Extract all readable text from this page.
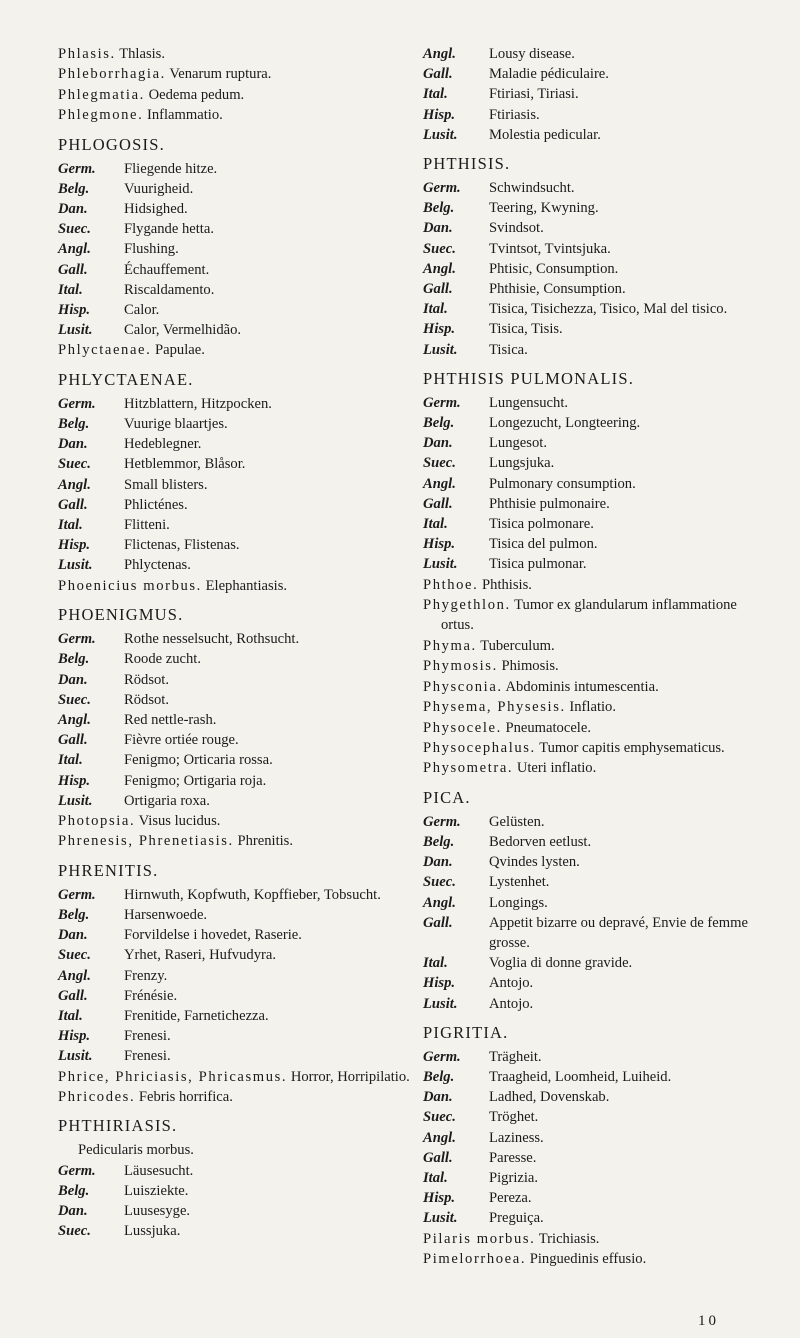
Phlasis. Thlasis.
Phleborrhagia. Venarum ruptura.
Phlegmatia. Oedema pedum.
Phlegmone. Inflammatio.
PHLOGOSIS.
Germ.	Fliegende hitze.
Belg.	Vuurigheid.
Dan.	Hidsighed.
Suec.	Flygande hetta.
Angl.	Flushing.
Gall.	Échauffement.
Ital.	Riscaldamento.
Hisp.	Calor.
Lusit.	Calor, Vermelhidão.
Phlyctaenae. Papulae.
PHLYCTAENAE.
Germ.	Hitzblattern, Hitzpocken.
Belg.	Vuurige blaartjes.
Dan.	Hedeblegner.
Suec.	Hetblemmor, Blåsor.
Angl.	Small blisters.
Gall.	Phlicténes.
Ital.	Flitteni.
Hisp.	Flictenas, Flistenas.
Lusit.	Phlyctenas.
Phoenicius morbus. Elephantiasis.
PHOENIGMUS.
Germ.	Rothe nesselsucht, Rothsucht.
Belg.	Roode zucht.
Dan.	Rödsot.
Suec.	Rödsot.
Angl.	Red nettle-rash.
Gall.	Fièvre ortiée rouge.
Ital.	Fenigmo; Orticaria rossa.
Hisp.	Fenigmo; Ortigaria roja.
Lusit.	Ortigaria roxa.
Photopsia. Visus lucidus.
Phrenesis, Phrenetiasis. Phrenitis.
PHRENITIS.
Germ.	Hirnwuth, Kopfwuth, Kopffieber, Tobsucht.
Belg.	Harsenwoede.
Dan.	Forvildelse i hovedet, Raserie.
Suec.	Yrhet, Raseri, Hufvudyra.
Angl.	Frenzy.
Gall.	Frénésie.
Ital.	Frenitide, Farnetichezza.
Hisp.	Frenesi.
Lusit.	Frenesi.
Phrice, Phriciasis, Phricasmus. Horror, Horripilatio.
Phricodes. Febris horrifica.
PHTHIRIASIS.
Pedicularis morbus.
Germ.	Läusesucht.
Belg.	Luisziekte.
Dan.	Luusesyge.
Suec.	Lussjuka.
Angl.	Lousy disease.
Gall.	Maladie pédiculaire.
Ital.	Ftiriasi, Tiriasi.
Hisp.	Ftiriasis.
Lusit.	Molestia pedicular.
PHTHISIS.
Germ.	Schwindsucht.
Belg.	Teering, Kwyning.
Dan.	Svindsot.
Suec.	Tvintsot, Tvintsjuka.
Angl.	Phtisic, Consumption.
Gall.	Phthisie, Consumption.
Ital.	Tisica, Tisichezza, Tisico, Mal del tisico.
Hisp.	Tisica, Tisis.
Lusit.	Tisica.
PHTHISIS PULMONALIS.
Germ.	Lungensucht.
Belg.	Longezucht, Longteering.
Dan.	Lungesot.
Suec.	Lungsjuka.
Angl.	Pulmonary consumption.
Gall.	Phthisie pulmonaire.
Ital.	Tisica polmonare.
Hisp.	Tisica del pulmon.
Lusit.	Tisica pulmonar.
Phthoe. Phthisis.
Phygethlon. Tumor ex glandularum inflammatione ortus.
Phyma. Tuberculum.
Phymosis. Phimosis.
Physconia. Abdominis intumescentia.
Physema, Physesis. Inflatio.
Physocele. Pneumatocele.
Physocephalus. Tumor capitis emphysematicus.
Physometra. Uteri inflatio.
PICA.
Germ.	Gelüsten.
Belg.	Bedorven eetlust.
Dan.	Qvindes lysten.
Suec.	Lystenhet.
Angl.	Longings.
Gall.	Appetit bizarre ou depravé, Envie de femme grosse.
Ital.	Voglia di donne gravide.
Hisp.	Antojo.
Lusit.	Antojo.
PIGRITIA.
Germ.	Trägheit.
Belg.	Traagheid, Loomheid, Luiheid.
Dan.	Ladhed, Dovenskab.
Suec.	Tröghet.
Angl.	Laziness.
Gall.	Paresse.
Ital.	Pigrizia.
Hisp.	Pereza.
Lusit.	Preguiça.
Pilaris morbus. Trichiasis.
Pimelorrhoea. Pinguedinis effusio.
10
